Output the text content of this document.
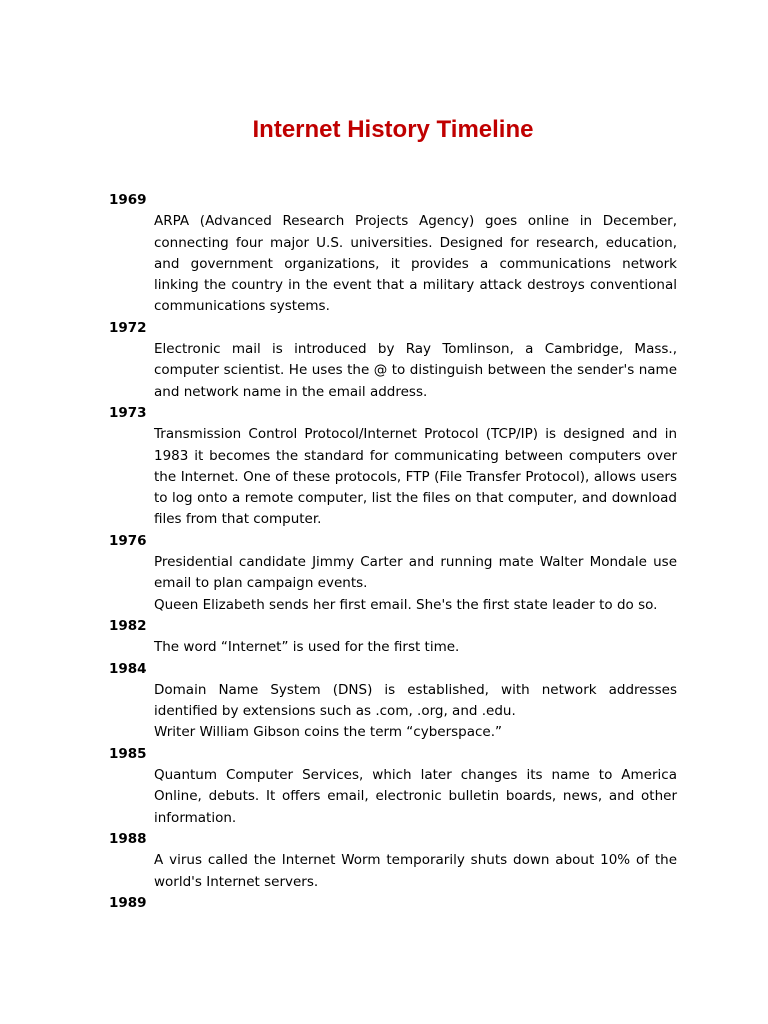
Internet History Timeline
1969

ARPA (Advanced Research Projects Agency) goes online in December, connecting four major U.S. universities. Designed for research, education, and government organizations, it provides a communications network linking the country in the event that a military attack destroys conventional communications systems.

1972

Electronic mail is introduced by Ray Tomlinson, a Cambridge, Mass., computer scientist. He uses the @ to distinguish between the sender's name and network name in the email address.

1973

Transmission Control Protocol/Internet Protocol (TCP/IP) is designed and in 1983 it becomes the standard for communicating between computers over the Internet. One of these protocols, FTP (File Transfer Protocol), allows users to log onto a remote computer, list the files on that computer, and download files from that computer.

1976

Presidential candidate Jimmy Carter and running mate Walter Mondale use email to plan campaign events.

Queen Elizabeth sends her first email. She's the first state leader to do so.

1982

The word “Internet” is used for the first time.

1984

Domain Name System (DNS) is established, with network addresses identified by extensions such as .com, .org, and .edu.

Writer William Gibson coins the term “cyberspace.”

1985

Quantum Computer Services, which later changes its name to America Online, debuts. It offers email, electronic bulletin boards, news, and other information.

1988

A virus called the Internet Worm temporarily shuts down about 10% of the world's Internet servers.

1989
